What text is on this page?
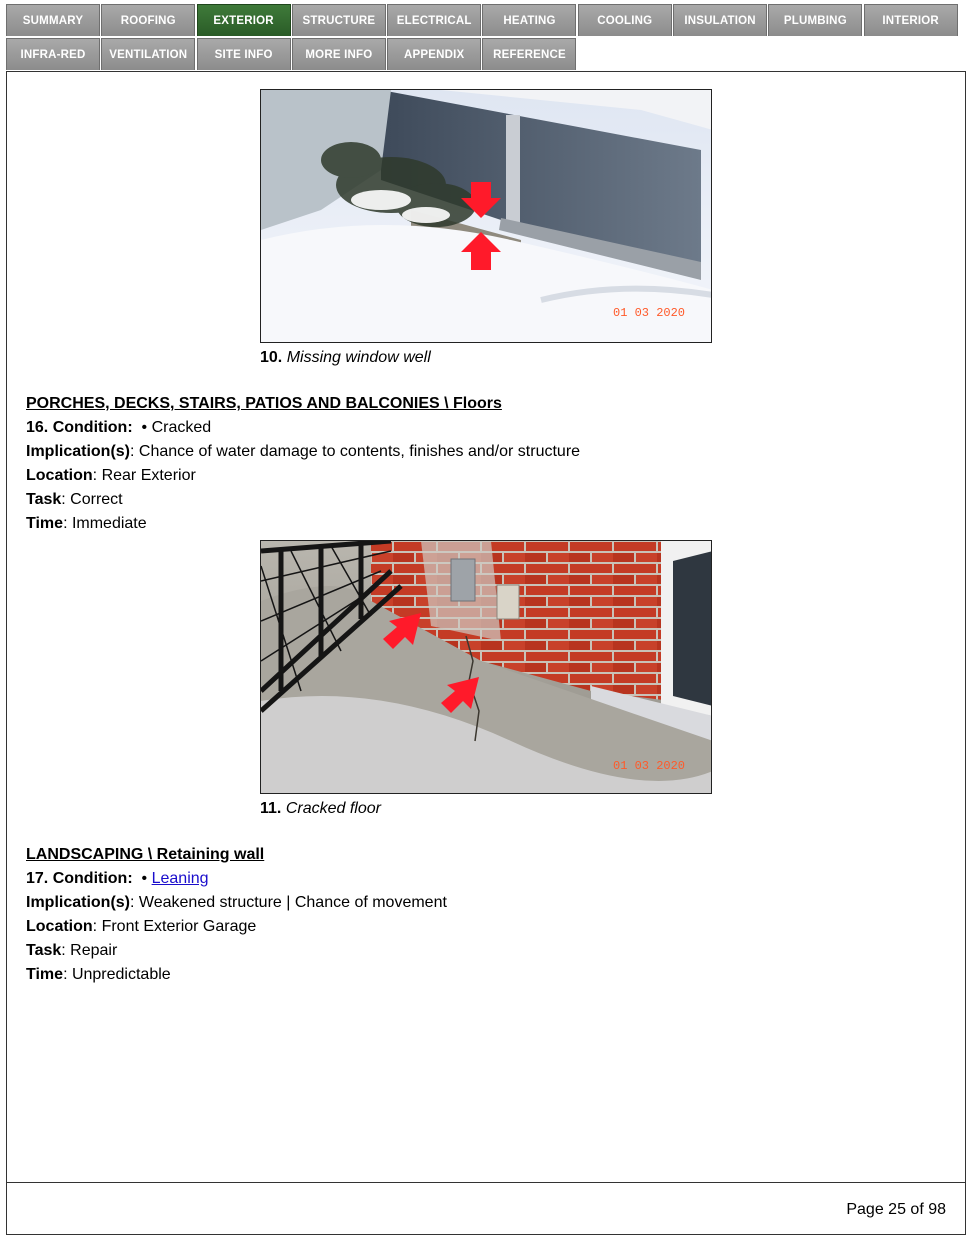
SUMMARY	ROOFING	EXTERIOR	STRUCTURE	ELECTRICAL	HEATING	COOLING	INSULATION	PLUMBING	INTERIOR
INFRA-RED	VENTILATION	SITE INFO	MORE INFO	APPENDIX	REFERENCE
01 03 2020
10. Missing window well
PORCHES, DECKS, STAIRS, PATIOS AND BALCONIES \ Floors
16. Condition:  • Cracked
Implication(s): Chance of water damage to contents, finishes and/or structure
Location: Rear Exterior
Task: Correct
Time: Immediate
01 03 2020
11. Cracked floor
LANDSCAPING \ Retaining wall
17. Condition:  • Leaning
Implication(s): Weakened structure | Chance of movement
Location: Front Exterior Garage
Task: Repair
Time: Unpredictable
Page 25 of 98
